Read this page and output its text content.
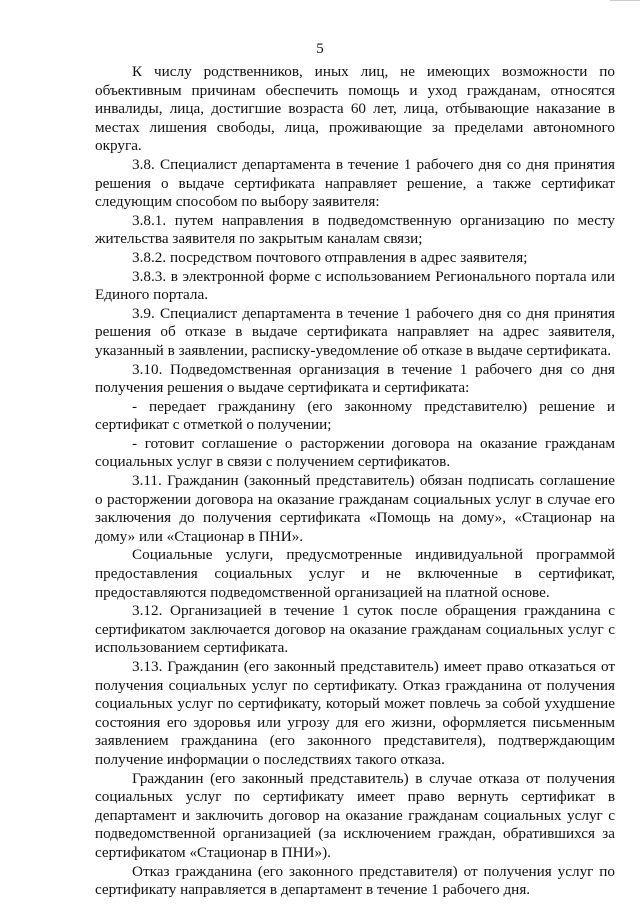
5

К числу родственников, иных лиц, не имеющих возможности по объективным причинам обеспечить помощь и уход гражданам, относятся инвалиды, лица, достигшие возраста 60 лет, лица, отбывающие наказание в местах лишения свободы, лица, проживающие за пределами автономного округа.

3.8. Специалист департамента в течение 1 рабочего дня со дня принятия решения о выдаче сертификата направляет решение, а также сертификат следующим способом по выбору заявителя:

3.8.1. путем направления в подведомственную организацию по месту жительства заявителя по закрытым каналам связи;

3.8.2. посредством почтового отправления в адрес заявителя;

3.8.3. в электронной форме с использованием Регионального портала или Единого портала.

3.9. Специалист департамента в течение 1 рабочего дня со дня принятия решения об отказе в выдаче сертификата направляет на адрес заявителя, указанный в заявлении, расписку-уведомление об отказе в выдаче сертификата.

3.10. Подведомственная организация в течение 1 рабочего дня со дня получения решения о выдаче сертификата и сертификата:

- передает гражданину (его законному представителю) решение и сертификат с отметкой о получении;

- готовит соглашение о расторжении договора на оказание гражданам социальных услуг в связи с получением сертификатов.

3.11. Гражданин (законный представитель) обязан подписать соглашение о расторжении договора на оказание гражданам социальных услуг в случае его заключения до получения сертификата «Помощь на дому», «Стационар на дому» или «Стационар в ПНИ».

Социальные услуги, предусмотренные индивидуальной программой предоставления социальных услуг и не включенные в сертификат, предоставляются подведомственной организацией на платной основе.

3.12. Организацией в течение 1 суток после обращения гражданина с сертификатом заключается договор на оказание гражданам социальных услуг с использованием сертификата.

3.13. Гражданин (его законный представитель) имеет право отказаться от получения социальных услуг по сертификату. Отказ гражданина от получения социальных услуг по сертификату, который может повлечь за собой ухудшение состояния его здоровья или угрозу для его жизни, оформляется письменным заявлением гражданина (его законного представителя), подтверждающим получение информации о последствиях такого отказа.

Гражданин (его законный представитель) в случае отказа от получения социальных услуг по сертификату имеет право вернуть сертификат в департамент и заключить договор на оказание гражданам социальных услуг с подведомственной организацией (за исключением граждан, обратившихся за сертификатом «Стационар в ПНИ»).

Отказ гражданина (его законного представителя) от получения услуг по сертификату направляется в департамент в течение 1 рабочего дня.
